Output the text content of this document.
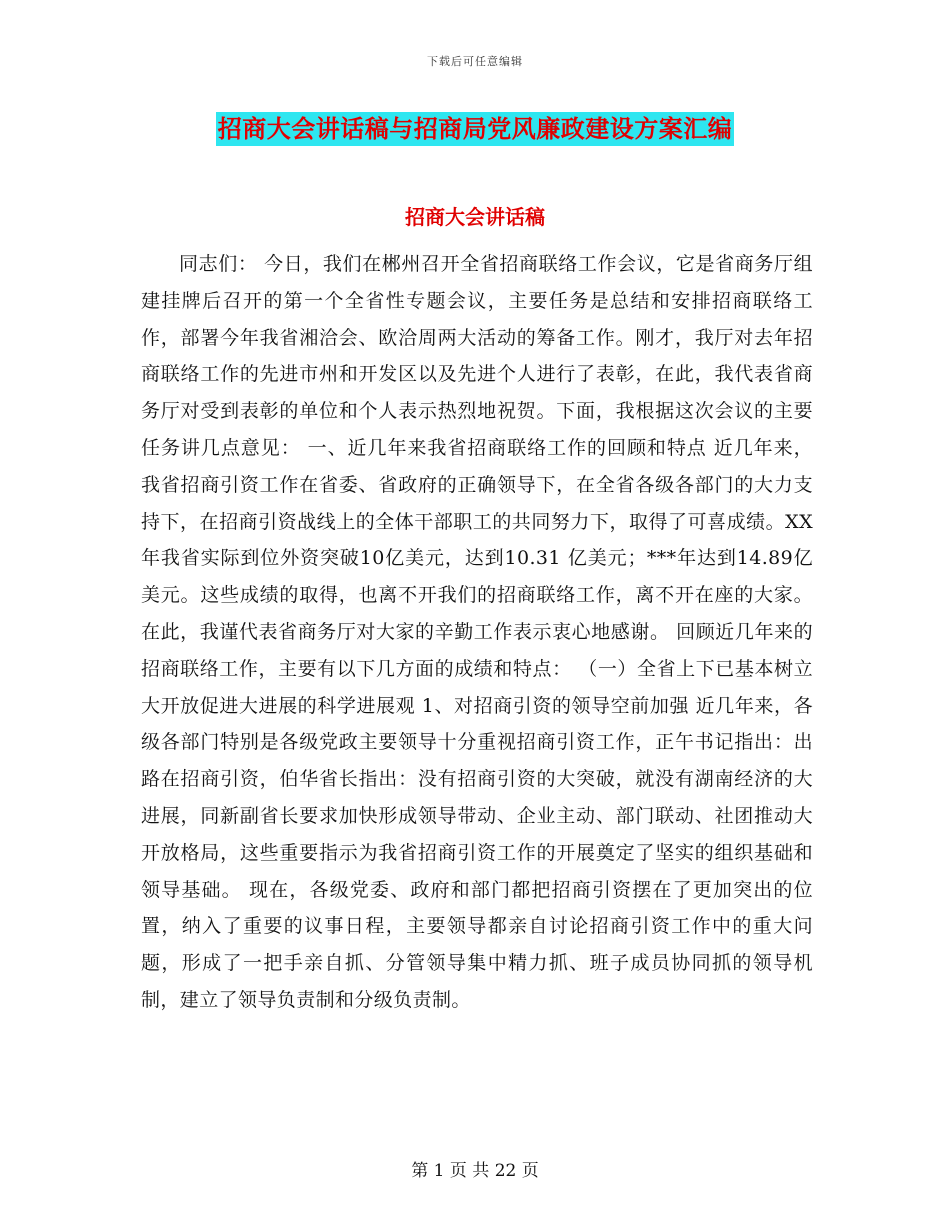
下载后可任意编辑
招商大会讲话稿与招商局党风廉政建设方案汇编
招商大会讲话稿

同志们： 今日，我们在郴州召开全省招商联络工作会议，它是省商务厅组建挂牌后召开的第一个全省性专题会议，主要任务是总结和安排招商联络工作，部署今年我省湘洽会、欧洽周两大活动的筹备工作。刚才，我厅对去年招商联络工作的先进市州和开发区以及先进个人进行了表彰，在此，我代表省商务厅对受到表彰的单位和个人表示热烈地祝贺。下面，我根据这次会议的主要任务讲几点意见： 一、近几年来我省招商联络工作的回顾和特点 近几年来，我省招商引资工作在省委、省政府的正确领导下，在全省各级各部门的大力支持下，在招商引资战线上的全体干部职工的共同努力下，取得了可喜成绩。XX年我省实际到位外资突破10亿美元，达到10.31 亿美元；***年达到14.89亿美元。这些成绩的取得，也离不开我们的招商联络工作，离不开在座的大家。在此，我谨代表省商务厅对大家的辛勤工作表示衷心地感谢。 回顾近几年来的招商联络工作，主要有以下几方面的成绩和特点： （一）全省上下已基本树立大开放促进大进展的科学进展观 1、对招商引资的领导空前加强 近几年来，各级各部门特别是各级党政主要领导十分重视招商引资工作，正午书记指出：出路在招商引资，伯华省长指出：没有招商引资的大突破，就没有湖南经济的大进展，同新副省长要求加快形成领导带动、企业主动、部门联动、社团推动大开放格局，这些重要指示为我省招商引资工作的开展奠定了坚实的组织基础和领导基础。 现在，各级党委、政府和部门都把招商引资摆在了更加突出的位置，纳入了重要的议事日程，主要领导都亲自讨论招商引资工作中的重大问题，形成了一把手亲自抓、分管领导集中精力抓、班子成员协同抓的领导机制，建立了领导负责制和分级负责制。

第 1 页 共 22 页
